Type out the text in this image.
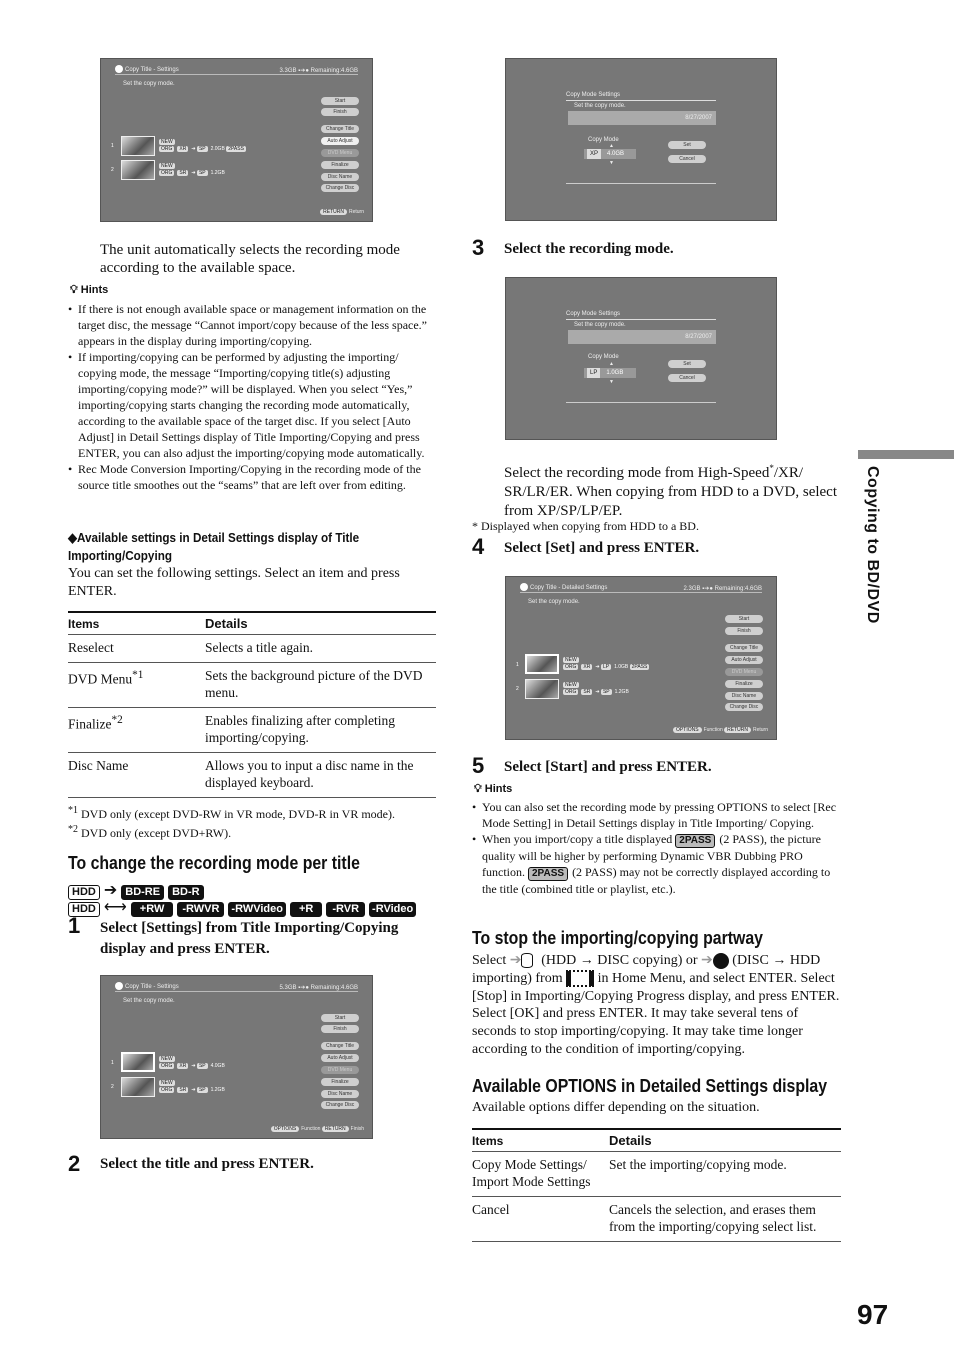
Copy Title - Settings	3.3GB ▪➔● Remaining:4.6GB
Set the copy mode.
Start
Finish
Change Title
Auto Adjust
DVD Menu
Finalize
Disc Name
Change Disc
1
NEW
ORG XR ➔ SP 2.0GB 2PASS
2
NEW
ORG SR ➔ SP 1.2GB
RETURN Return
The unit automatically selects the recording mode according to the available space.
💡︎ Hints
• If there is not enough available space or management information on the target disc, the message “Cannot import/copy because of the less space.” appears in the display during importing/copying.
• If importing/copying can be performed by adjusting the importing/ copying mode, the message “Importing/copying title(s) adjusting importing/copying mode?” will be displayed. When you select “Yes,” importing/copying starts changing the recording mode automatically, according to the available space of the target disc. If you select [Auto Adjust] in Detail Settings display of Title Importing/Copying and press ENTER, you can also adjust the importing/copying mode automatically.
• Rec Mode Conversion Importing/Copying in the recording mode of the source title smoothes out the “seams” that are left over from editing.
◆Available settings in Detail Settings display of Title Importing/Copying
You can set the following settings. Select an item and press ENTER.
Items	Details
Reselect	Selects a title again.
DVD Menu$^{*1}$	Sets the background picture of the DVD menu.
Finalize$^{*2}$	Enables finalizing after completing importing/copying.
Disc Name	Allows you to input a disc name in the displayed keyboard.
$^{*1}$ DVD only (except DVD-RW in VR mode, DVD-R in VR mode).
$^{*2}$ DVD only (except DVD+RW).
To change the recording mode per title
HDD ➔ BD-RE BD-R
HDD ⟷ +RW -RWVR -RWVideo +R -RVR -RVideo
1 Select [Settings] from Title Importing/Copying display and press ENTER.
Copy Title - Settings	5.3GB ▪➔● Remaining:4.6GB
Set the copy mode.
Start
Finish
Change Title
Auto Adjust
DVD Menu
Finalize
Disc Name
Change Disc
1
NEW
ORG XR ➔ SP 4.0GB
2
NEW
ORG SR ➔ SP 1.2GB
OPTIONS Function RETURN Finish
2 Select the title and press ENTER.
Copy Mode Settings
Set the copy mode.
8/27/2007
Copy Mode
▲
XP 4.0GB
▼
Set
Cancel
3 Select the recording mode.
Copy Mode Settings
Set the copy mode.
8/27/2007
Copy Mode
▲
LP 1.0GB
▼
Set
Cancel
Select the recording mode from High-Speed*/XR/ SR/LR/ER. When copying from HDD to a DVD, select from XP/SP/LP/EP.
* Displayed when copying from HDD to a BD.
4 Select [Set] and press ENTER.
Copy Title - Detailed Settings	2.3GB ▪➔● Remaining:4.6GB
Set the copy mode.
Start
Finish
Change Title
Auto Adjust
DVD Menu
Finalize
Disc Name
Change Disc
1
NEW
ORG XR ➔ LP 1.0GB 2PASS
2
NEW
ORG SR ➔ SP 1.2GB
OPTIONS Function RETURN Return
5 Select [Start] and press ENTER.
💡︎ Hints
• You can also set the recording mode by pressing OPTIONS to select [Rec Mode Setting] in Detail Settings display in Title Importing/ Copying.
• When you import/copy a title displayed 2PASS (2 PASS), the picture quality will be higher by performing Dynamic VBR Dubbing PRO function. 2PASS (2 PASS) may not be correctly displayed according to the title (combined title or playlist, etc.).
To stop the importing/copying partway
Select ➔ (HDD → DISC copying) or ➔ (DISC → HDD importing) from	in Home Menu, and select ENTER. Select [Stop] in Importing/Copying Progress display, and press ENTER. Select [OK] and press ENTER. It may take several tens of seconds to stop importing/copying. It may take time longer according to the condition of importing/copying.
Available OPTIONS in Detailed Settings display
Available options differ depending on the situation.
Items	Details
Copy Mode Settings/ Import Mode Settings	Set the importing/copying mode.
Cancel	Cancels the selection, and erases them from the importing/copying select list.
Copying to BD/DVD
97
